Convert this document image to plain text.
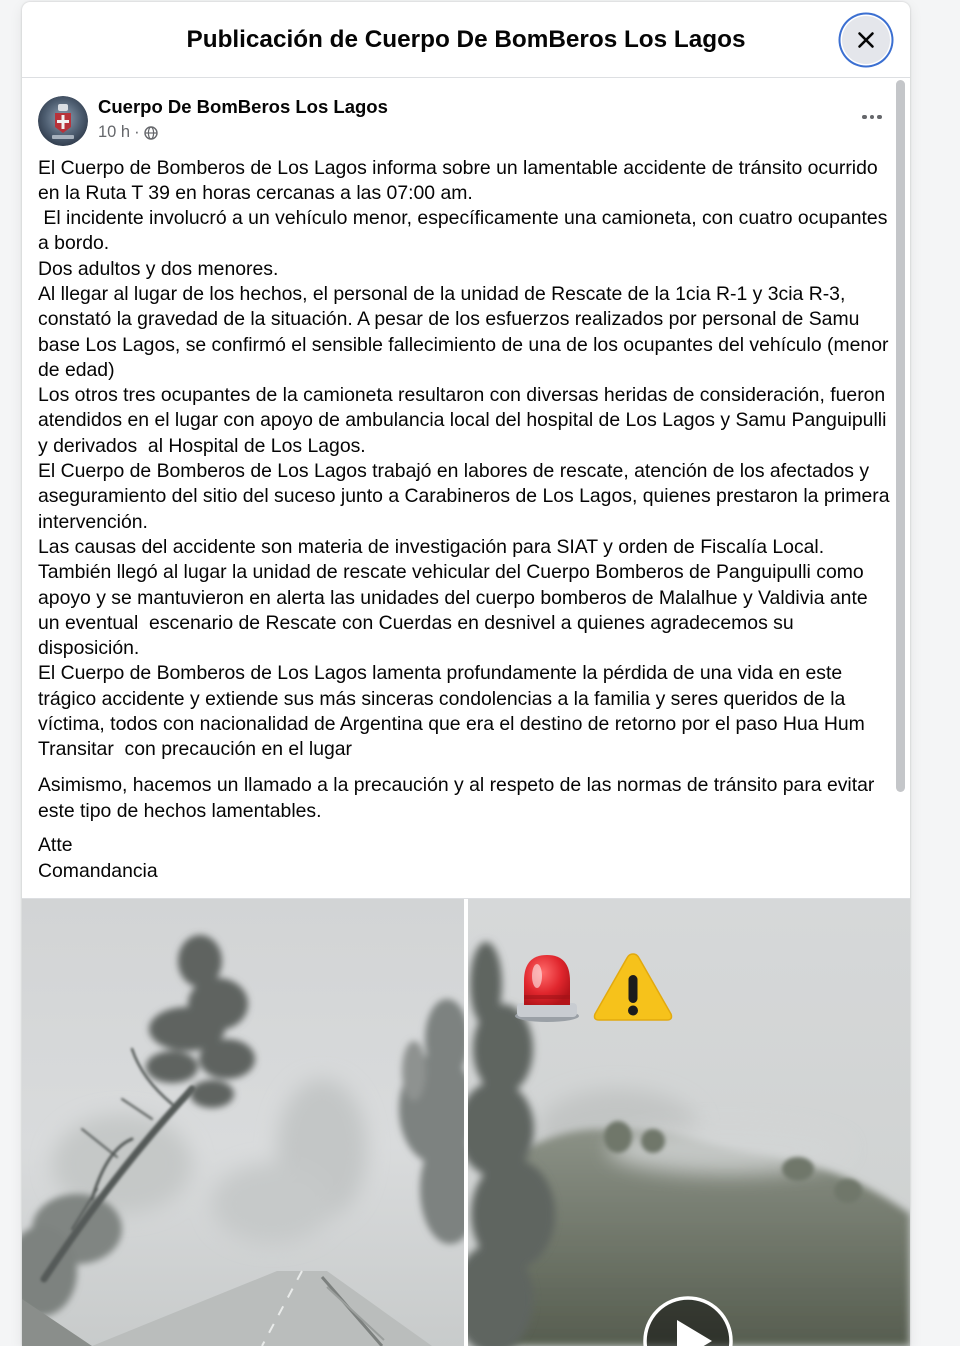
Publicación de Cuerpo De BomBeros Los Lagos
Cuerpo De BomBeros Los Lagos
10 h ·
El Cuerpo de Bomberos de Los Lagos informa sobre un lamentable accidente de tránsito ocurrido
en la Ruta T 39 en horas cercanas a las 07:00 am.
El incidente involucró a un vehículo menor, específicamente una camioneta, con cuatro ocupantes
a bordo.
Dos adultos y dos menores.
Al llegar al lugar de los hechos, el personal de la unidad de Rescate de la 1cia R-1 y 3cia R-3,
constató la gravedad de la situación. A pesar de los esfuerzos realizados por personal de Samu
base Los Lagos, se confirmó el sensible fallecimiento de una de los ocupantes del vehículo (menor
de edad)
Los otros tres ocupantes de la camioneta resultaron con diversas heridas de consideración, fueron
atendidos en el lugar con apoyo de ambulancia local del hospital de Los Lagos y Samu Panguipulli
y derivados  al Hospital de Los Lagos.
El Cuerpo de Bomberos de Los Lagos trabajó en labores de rescate, atención de los afectados y
aseguramiento del sitio del suceso junto a Carabineros de Los Lagos, quienes prestaron la primera
intervención.
Las causas del accidente son materia de investigación para SIAT y orden de Fiscalía Local.
También llegó al lugar la unidad de rescate vehicular del Cuerpo Bomberos de Panguipulli como
apoyo y se mantuvieron en alerta las unidades del cuerpo bomberos de Malalhue y Valdivia ante
un eventual  escenario de Rescate con Cuerdas en desnivel a quienes agradecemos su
disposición.
El Cuerpo de Bomberos de Los Lagos lamenta profundamente la pérdida de una vida en este
trágico accidente y extiende sus más sinceras condolencias a la familia y seres queridos de la
víctima, todos con nacionalidad de Argentina que era el destino de retorno por el paso Hua Hum
Transitar  con precaución en el lugar
Asimismo, hacemos un llamado a la precaución y al respeto de las normas de tránsito para evitar
este tipo de hechos lamentables.
Atte
Comandancia
